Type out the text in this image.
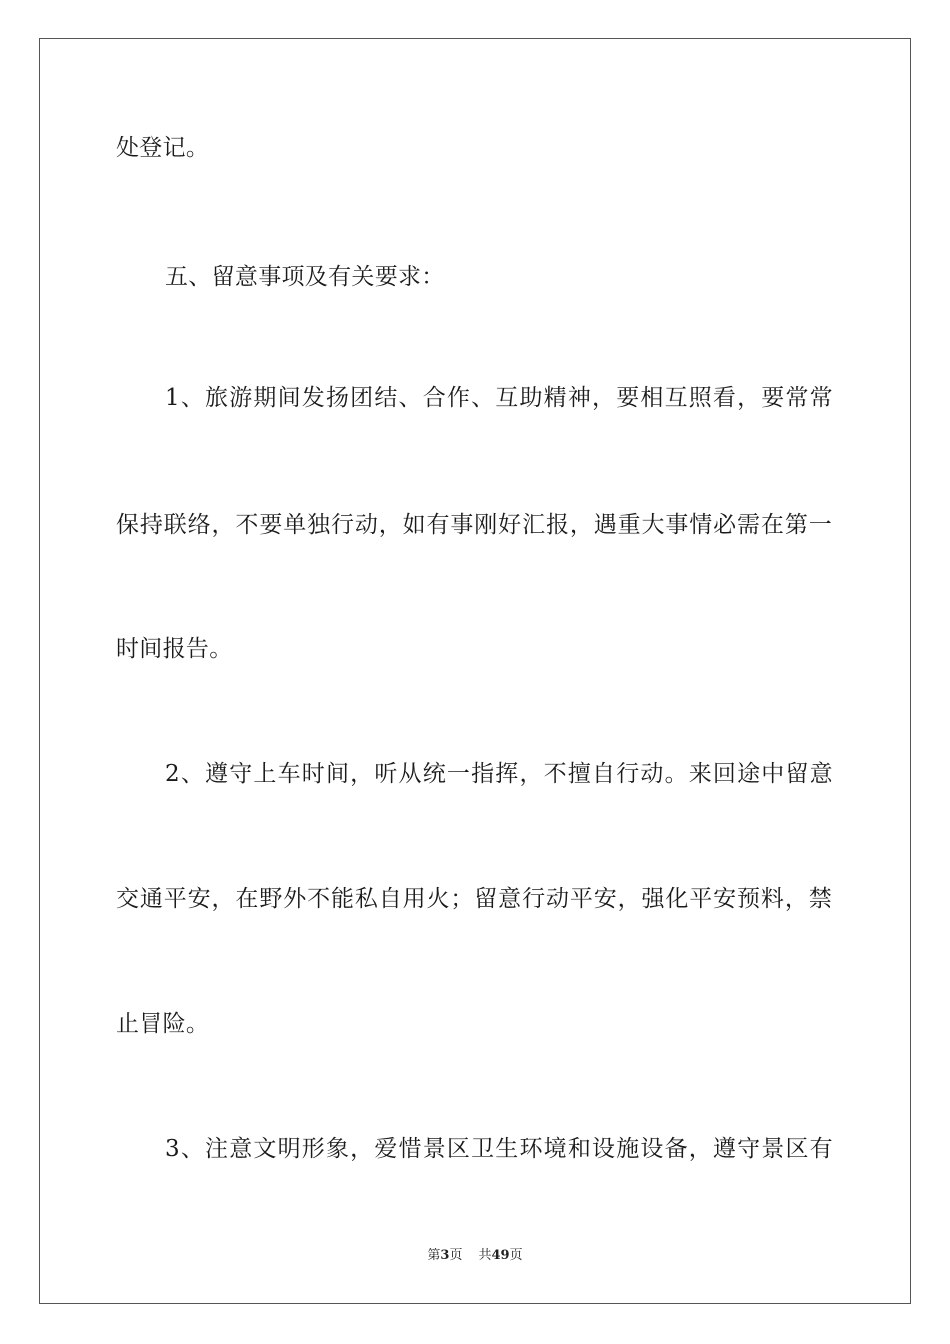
处登记。
五、留意事项及有关要求：
1、旅游期间发扬团结、合作、互助精神，要相互照看，要常常
保持联络，不要单独行动，如有事刚好汇报，遇重大事情必需在第一
时间报告。
2、遵守上车时间，听从统一指挥，不擅自行动。来回途中留意
交通平安，在野外不能私自用火；留意行动平安，强化平安预料，禁
止冒险。
3、注意文明形象，爱惜景区卫生环境和设施设备，遵守景区有
第3页 共49页
